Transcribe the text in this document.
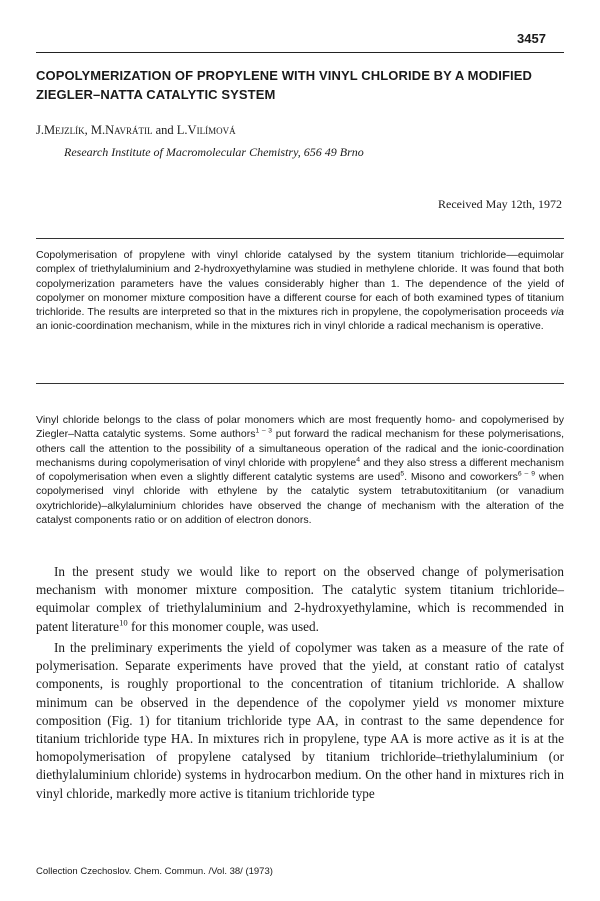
3457
COPOLYMERIZATION OF PROPYLENE WITH VINYL CHLORIDE BY A MODIFIED ZIEGLER–NATTA CATALYTIC SYSTEM
J.Mejzlík, M.Navrátil and L.Vilímová
Research Institute of Macromolecular Chemistry, 656 49 Brno
Received May 12th, 1972

Copolymerisation of propylene with vinyl chloride catalysed by the system titanium trichloride––equimolar complex of triethylaluminium and 2-hydroxyethylamine was studied in methylene chloride. It was found that both copolymerization parameters have the values considerably higher than 1. The dependence of the yield of copolymer on monomer mixture composition have a different course for each of both examined types of titanium trichloride. The results are interpreted so that in the mixtures rich in propylene, the copolymerisation proceeds via an ionic-coordination mechanism, while in the mixtures rich in vinyl chloride a radical mechanism is operative.

Vinyl chloride belongs to the class of polar monomers which are most frequently homo- and copolymerised by Ziegler–Natta catalytic systems. Some authors$^{1 - 3}$ put forward the radical mechanism for these polymerisations, others call the attention to the possibility of a simultaneous operation of the radical and the ionic-coordination mechanisms during copolymerisation of vinyl chloride with propylene$^4$ and they also stress a different mechanism of copolymerisation when even a slightly different catalytic systems are used$^5$. Misono and coworkers$^{6 - 9}$ when copolymerised vinyl chloride with ethylene by the catalytic system tetrabutoxititanium (or vanadium oxytrichloride)–alkylaluminium chlorides have observed the change of mechanism with the alteration of the catalyst components ratio or on addition of electron donors.

In the present study we would like to report on the observed change of polymerisation mechanism with monomer mixture composition. The catalytic system titanium trichloride–equimolar complex of triethylaluminium and 2-hydroxyethylamine, which is recommended in patent literature$^{10}$ for this monomer couple, was used.

In the preliminary experiments the yield of copolymer was taken as a measure of the rate of polymerisation. Separate experiments have proved that the yield, at constant ratio of catalyst components, is roughly proportional to the concentration of titanium trichloride. A shallow minimum can be observed in the dependence of the copolymer yield vs monomer mixture composition (Fig. 1) for titanium trichloride type AA, in contrast to the same dependence for titanium trichloride type HA. In mixtures rich in propylene, type AA is more active as it is at the homopolymerisation of propylene catalysed by titanium trichloride–triethylaluminium (or diethylaluminium chloride) systems in hydrocarbon medium. On the other hand in mixtures rich in vinyl chloride, markedly more active is titanium trichloride type

Collection Czechoslov. Chem. Commun. /Vol. 38/ (1973)
